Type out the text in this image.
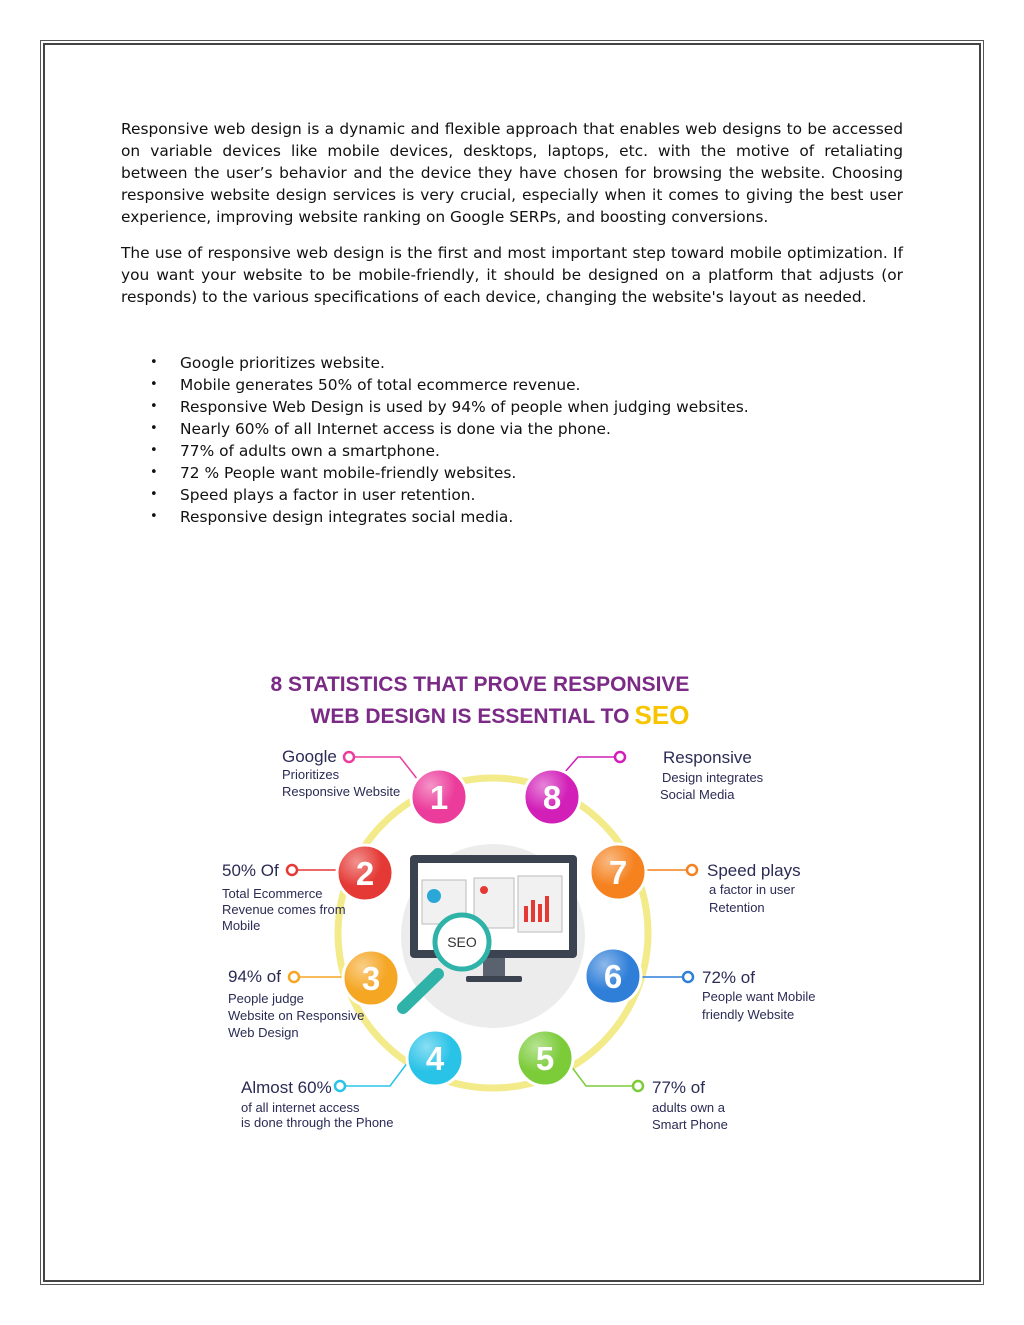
Responsive web design is a dynamic and flexible approach that enables web designs to be accessed on variable devices like mobile devices, desktops, laptops, etc. with the motive of retaliating between the user’s behavior and the device they have chosen for browsing the website. Choosing responsive website design services is very crucial, especially when it comes to giving the best user experience, improving website ranking on Google SERPs, and boosting conversions.

The use of responsive web design is the first and most important step toward mobile optimization. If you want your website to be mobile-friendly, it should be designed on a platform that adjusts (or responds) to the various specifications of each device, changing the website's layout as needed.

• Google prioritizes website.
• Mobile generates 50% of total ecommerce revenue.
• Responsive Web Design is used by 94% of people when judging websites.
• Nearly 60% of all Internet access is done via the phone.
• 77% of adults own a smartphone.
• 72 % People want mobile-friendly websites.
• Speed plays a factor in user retention.
• Responsive design integrates social media.
8 STATISTICS THAT PROVE RESPONSIVE
WEB DESIGN IS ESSENTIAL TO SEO
SEO
1
2
3
4	5
6
7
8
Google
Prioritizes
Responsive Website
50% Of
Total Ecommerce
Revenue comes from
Mobile
94% of
People judge
Website on Responsive
Web Design
Almost 60%
of all internet access
is done through the Phone
77% of
adults own a
Smart Phone
72% of
People want Mobile
friendly Website
Speed plays
a factor in user
Retention
Responsive
Design integrates
Social Media
